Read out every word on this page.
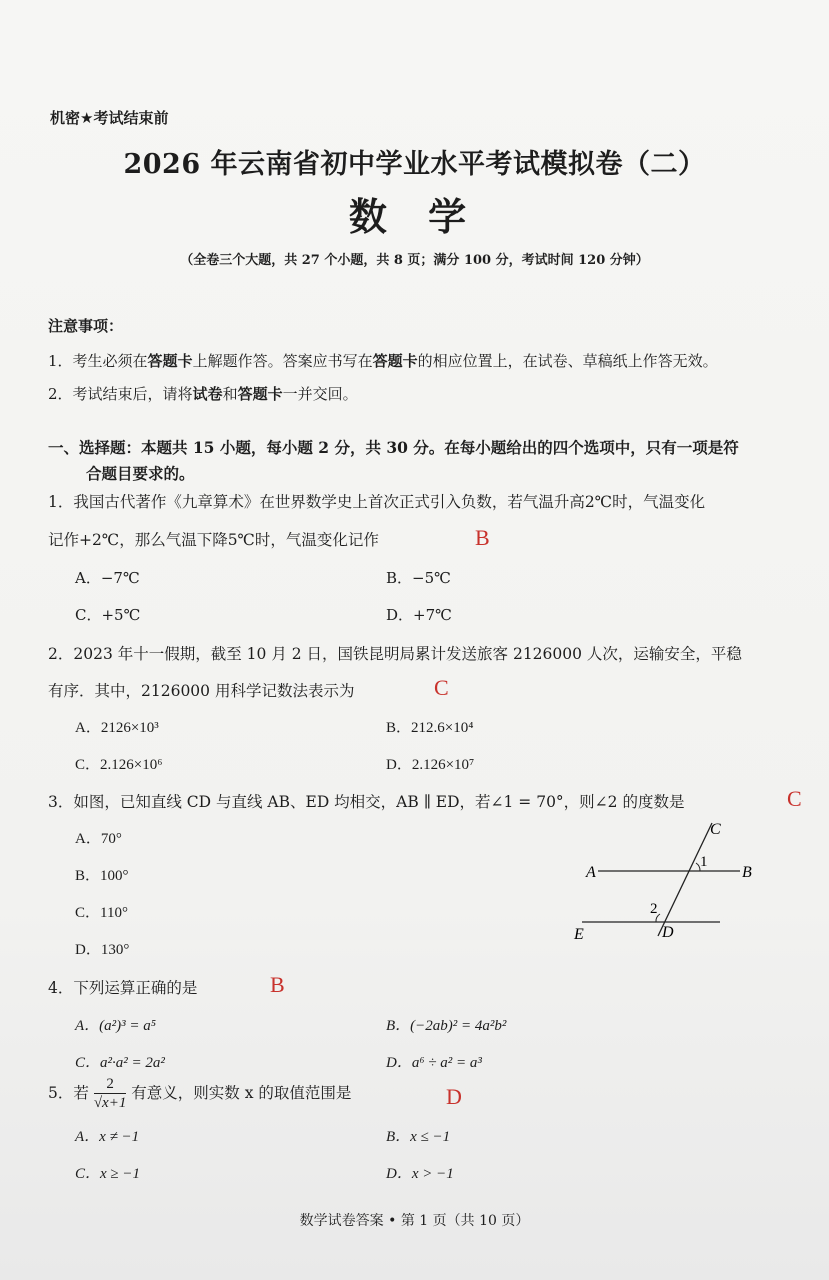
机密★考试结束前
2026 年云南省初中学业水平考试模拟卷（二）
数 学
（全卷三个大题，共 27 个小题，共 8 页；满分 100 分，考试时间 120 分钟）
注意事项：
1．考生必须在答题卡上解题作答。答案应书写在答题卡的相应位置上，在试卷、草稿纸上作答无效。
2．考试结束后，请将试卷和答题卡一并交回。
一、选择题：本题共 15 小题，每小题 2 分，共 30 分。在每小题给出的四个选项中，只有一项是符
合题目要求的。
1．我国古代著作《九章算术》在世界数学史上首次正式引入负数，若气温升高2℃时，气温变化
记作+2℃，那么气温下降5℃时，气温变化记作	B
A．−7℃	B．−5℃
C．+5℃	D．+7℃
2．2023 年十一假期，截至 10 月 2 日，国铁昆明局累计发送旅客 2126000 人次，运输安全，平稳
有序．其中，2126000 用科学记数法表示为	C
A．2126×10³	B．212.6×10⁴
C．2.126×10⁶	D．2.126×10⁷
3．如图，已知直线 CD 与直线 AB、ED 均相交，AB ∥ ED，若∠1 = 70°，则∠2 的度数是	C
A．70°
B．100°
C．110°
D．130°
C
A	B
E	D
1
2
4．下列运算正确的是	B
A．(a²)³ = a⁵	B．(−2ab)² = 4a²b²
C．a²·a² = 2a²	D．a⁶ ÷ a² = a³
5．若 $\frac{2}{√x+1}$ 有意义，则实数 x 的取值范围是	D
A．x ≠ −1	B．x ≤ −1
C．x ≥ −1	D．x > −1
数学试卷答案 • 第 1 页（共 10 页）
